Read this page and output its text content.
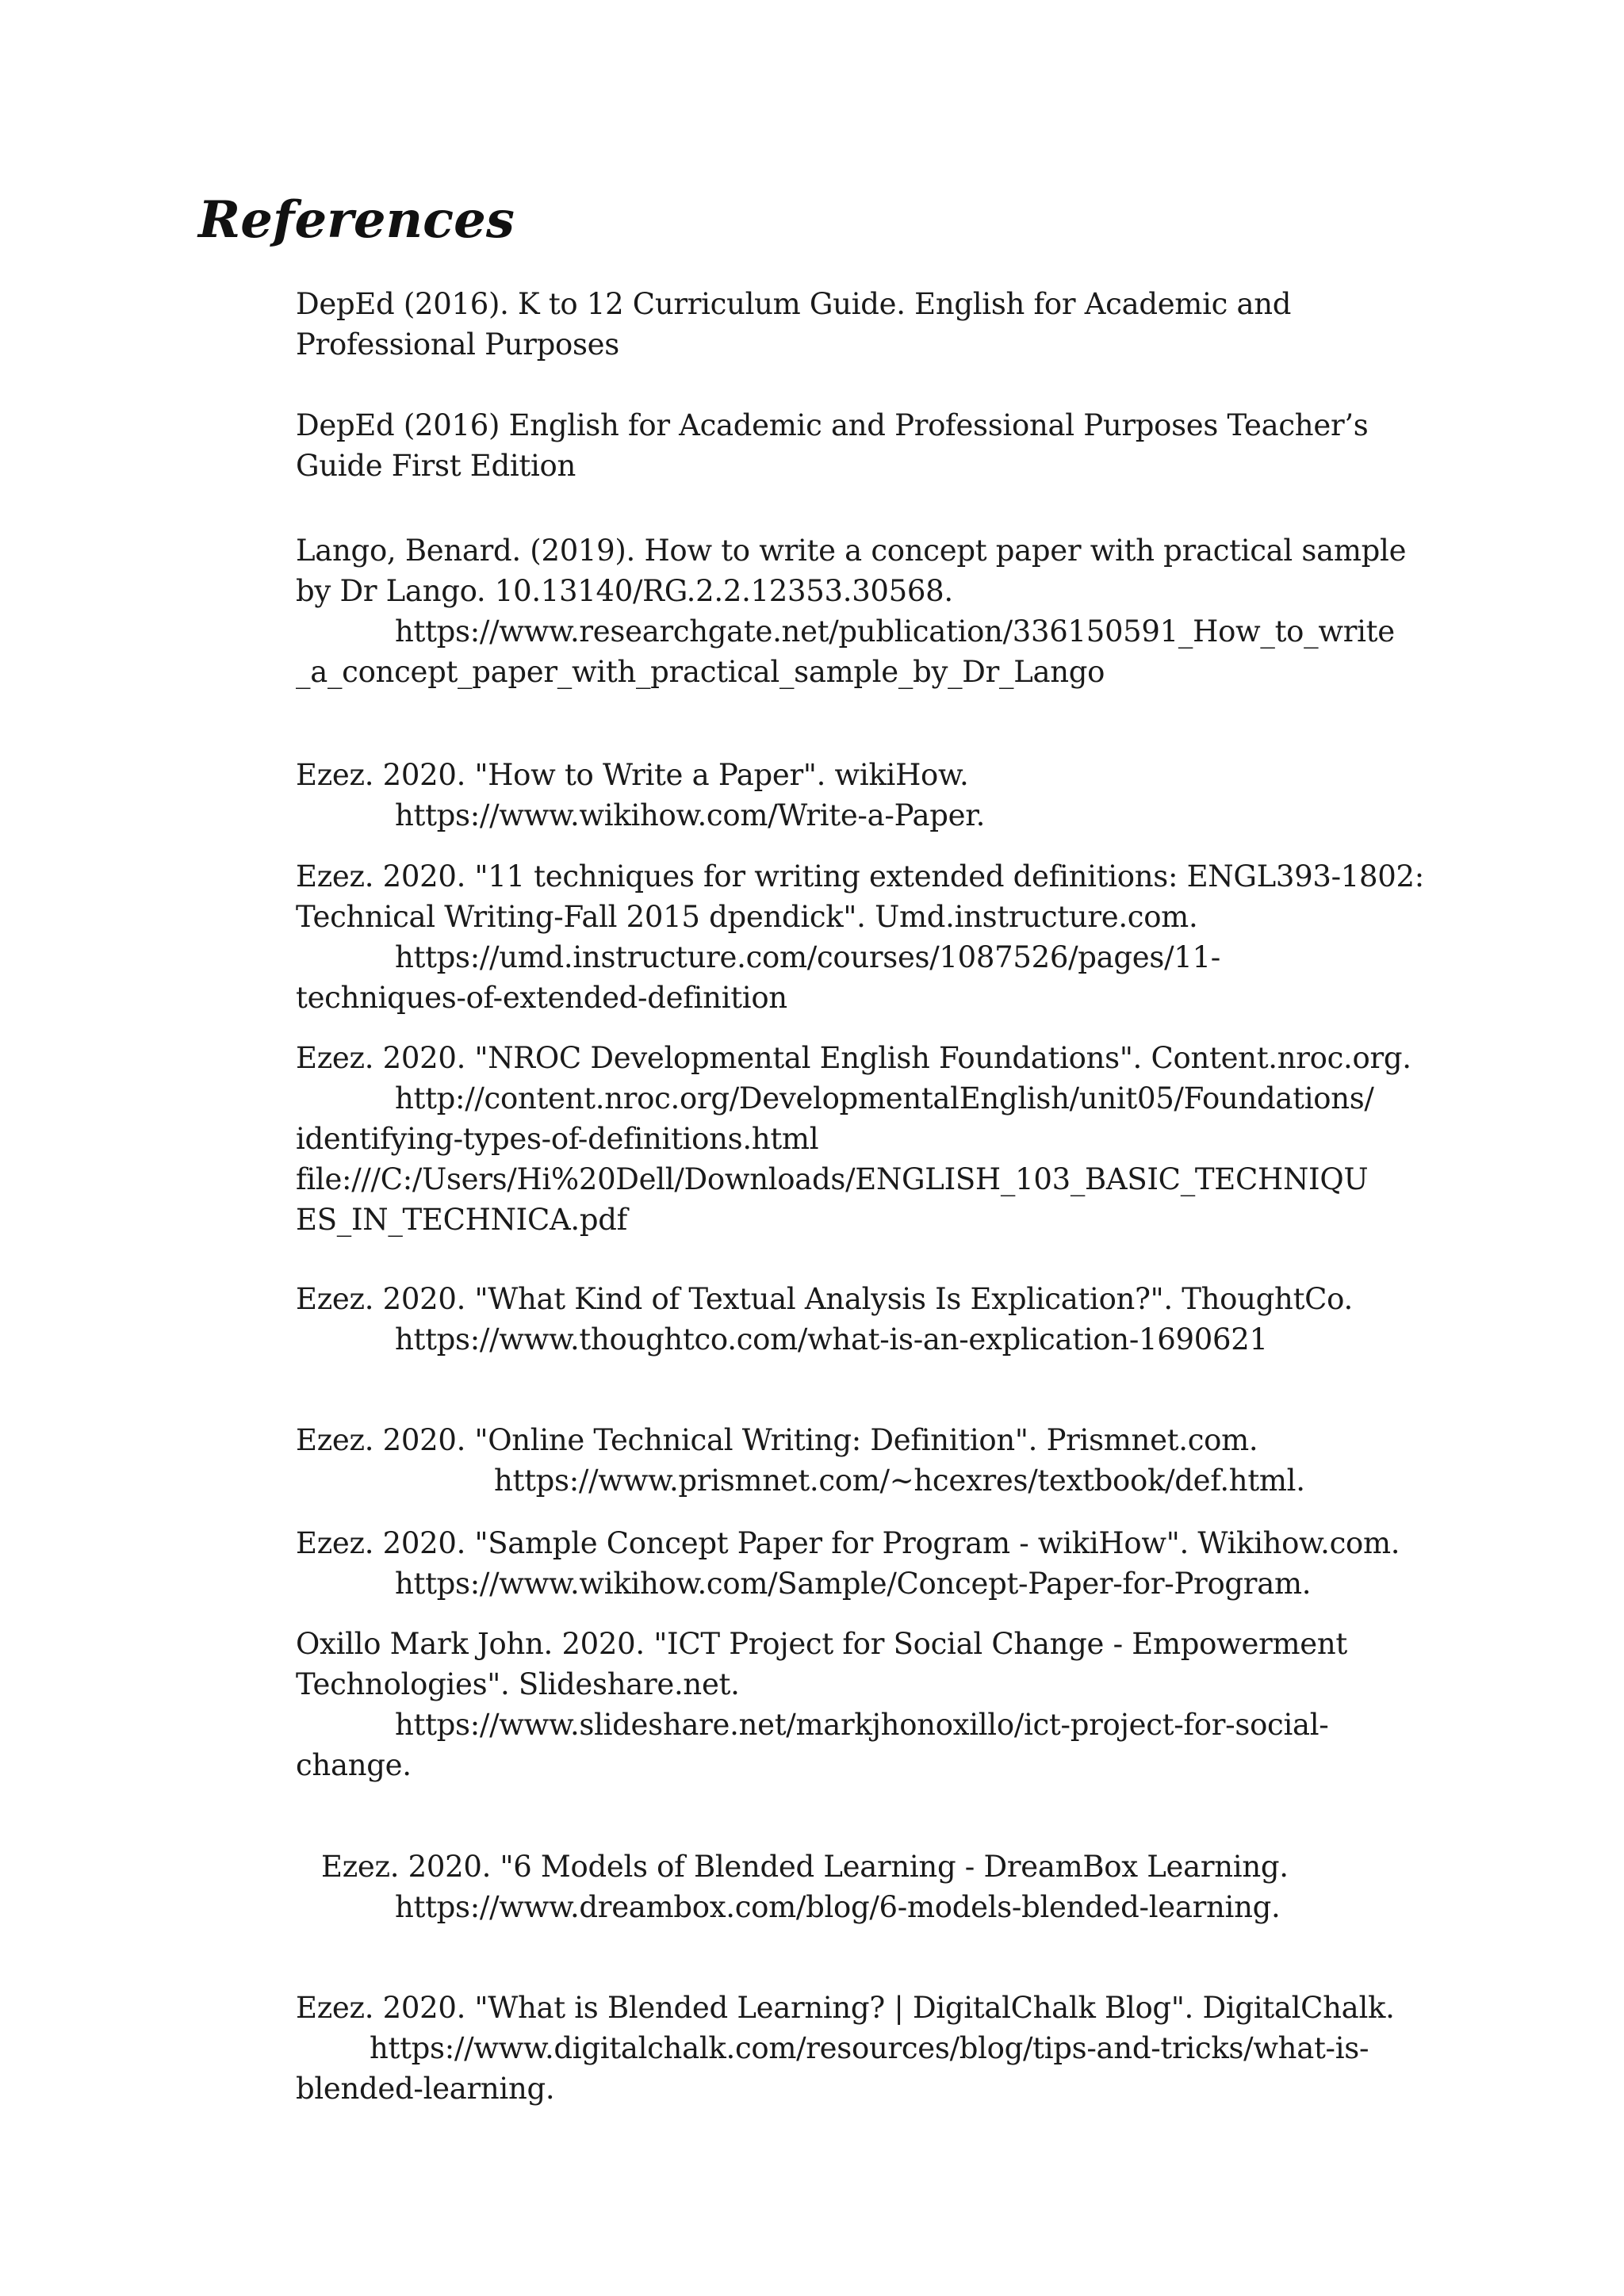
References
DepEd (2016). K to 12 Curriculum Guide. English for Academic and
Professional Purposes
DepEd (2016) English for Academic and Professional Purposes Teacher’s
Guide First Edition
Lango, Benard. (2019). How to write a concept paper with practical sample
by Dr Lango. 10.13140/RG.2.2.12353.30568.
https://www.researchgate.net/publication/336150591_How_to_write
_a_concept_paper_with_practical_sample_by_Dr_Lango
Ezez. 2020. "How to Write a Paper". wikiHow.
https://www.wikihow.com/Write-a-Paper.
Ezez. 2020. "11 techniques for writing extended definitions: ENGL393-1802:
Technical Writing-Fall 2015 dpendick". Umd.instructure.com.
https://umd.instructure.com/courses/1087526/pages/11-
techniques-of-extended-definition
Ezez. 2020. "NROC Developmental English Foundations". Content.nroc.org.
http://content.nroc.org/DevelopmentalEnglish/unit05/Foundations/
identifying-types-of-definitions.html
file:///C:/Users/Hi%20Dell/Downloads/ENGLISH_103_BASIC_TECHNIQU
ES_IN_TECHNICA.pdf
Ezez. 2020. "What Kind of Textual Analysis Is Explication?". ThoughtCo.
https://www.thoughtco.com/what-is-an-explication-1690621
Ezez. 2020. "Online Technical Writing: Definition". Prismnet.com.
https://www.prismnet.com/~hcexres/textbook/def.html.
Ezez. 2020. "Sample Concept Paper for Program - wikiHow". Wikihow.com.
https://www.wikihow.com/Sample/Concept-Paper-for-Program.
Oxillo Mark John. 2020. "ICT Project for Social Change - Empowerment
Technologies". Slideshare.net.
https://www.slideshare.net/markjhonoxillo/ict-project-for-social-
change.
Ezez. 2020. "6 Models of Blended Learning - DreamBox Learning.
https://www.dreambox.com/blog/6-models-blended-learning.
Ezez. 2020. "What is Blended Learning? | DigitalChalk Blog". DigitalChalk.
https://www.digitalchalk.com/resources/blog/tips-and-tricks/what-is-
blended-learning.
